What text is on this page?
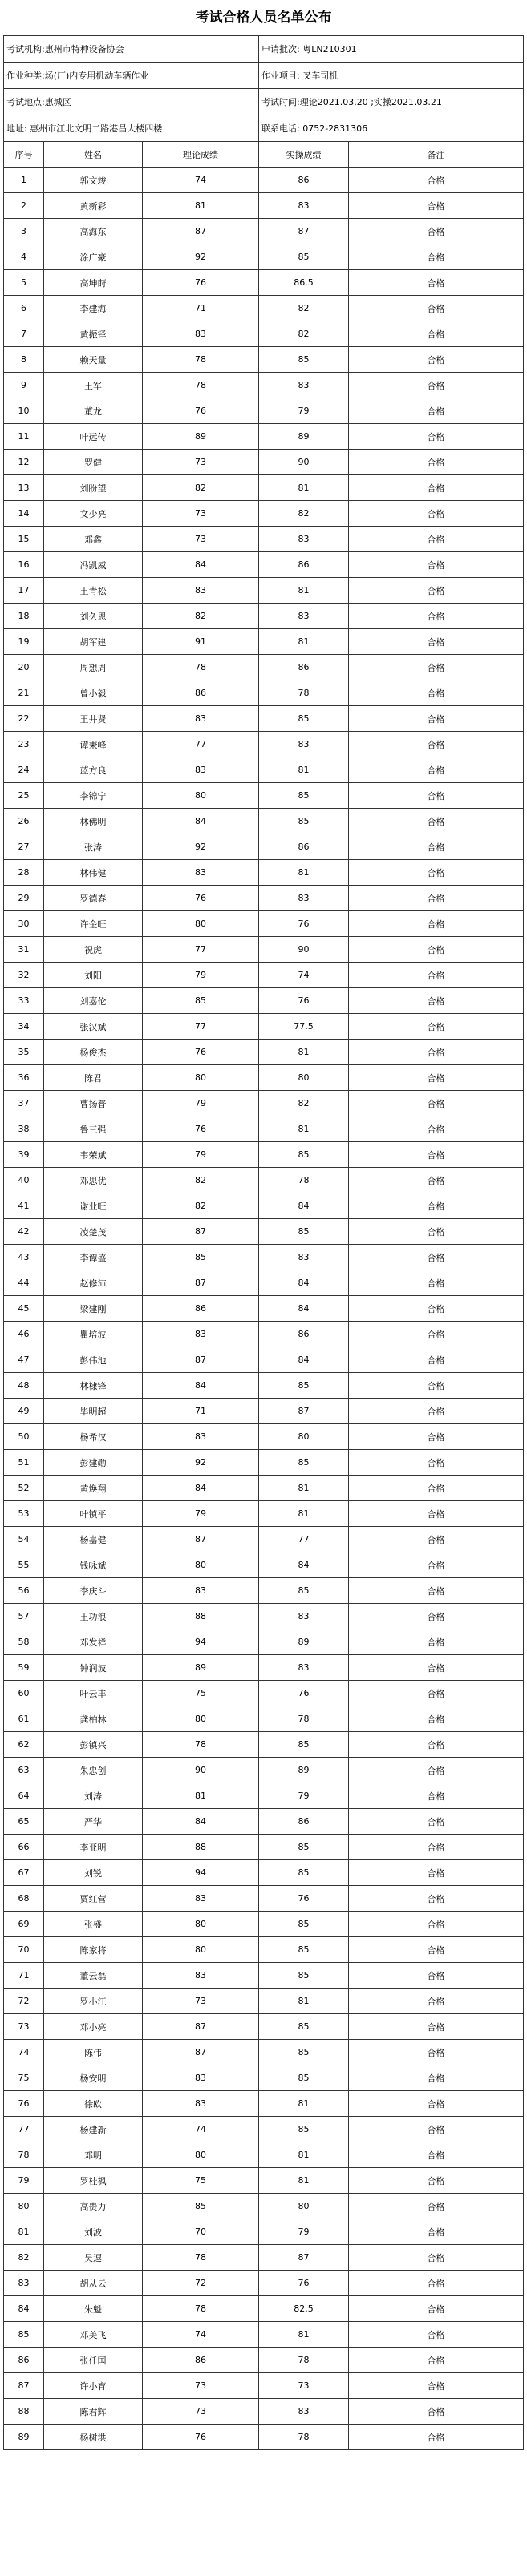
考试合格人员名单公布
考试机构:惠州市特种设备协会			申请批次: 粤LN210301	
作业种类:场(厂)内专用机动车辆作业			作业项目: 叉车司机	
考试地点:惠城区			考试时间:理论2021.03.20 ;实操2021.03.21	
地址: 惠州市江北文明二路港昌大楼四楼			联系电话: 0752-2831306	
序号	姓名	理论成绩	实操成绩	备注
1	郭文竣	74	86	合格
2	黄新彩	81	83	合格
3	高海东	87	87	合格
4	涂广豪	92	85	合格
5	高坤莳	76	86.5	合格
6	李建海	71	82	合格
7	黄振铎	83	82	合格
8	赖天量	78	85	合格
9	王军	78	83	合格
10	董龙	76	79	合格
11	叶远传	89	89	合格
12	罗健	73	90	合格
13	刘盼望	82	81	合格
14	文少亮	73	82	合格
15	邓鑫	73	83	合格
16	冯凯威	84	86	合格
17	王青松	83	81	合格
18	刘久恩	82	83	合格
19	胡军建	91	81	合格
20	周想周	78	86	合格
21	曾小毅	86	78	合格
22	王井贤	83	85	合格
23	谭秉峰	77	83	合格
24	蓝方良	83	81	合格
25	李锦宁	80	85	合格
26	林佛明	84	85	合格
27	张涛	92	86	合格
28	林伟健	83	81	合格
29	罗德春	76	83	合格
30	许金旺	80	76	合格
31	祝虎	77	90	合格
32	刘阳	79	74	合格
33	刘嘉伦	85	76	合格
34	张汉斌	77	77.5	合格
35	杨俊杰	76	81	合格
36	陈君	80	80	合格
37	曹扬普	79	82	合格
38	鲁三强	76	81	合格
39	韦荣斌	79	85	合格
40	邓思优	82	78	合格
41	谢业旺	82	84	合格
42	凌楚茂	87	85	合格
43	李谭盛	85	83	合格
44	赵修沛	87	84	合格
45	梁建刚	86	84	合格
46	瞿培波	83	86	合格
47	彭伟池	87	84	合格
48	林棣锋	84	85	合格
49	毕明超	71	87	合格
50	杨希汉	83	80	合格
51	彭建勋	92	85	合格
52	黄焕翔	84	81	合格
53	叶镇平	79	81	合格
54	杨嘉健	87	77	合格
55	钱咏斌	80	84	合格
56	李庆斗	83	85	合格
57	王功浪	88	83	合格
58	邓发祥	94	89	合格
59	钟润波	89	83	合格
60	叶云丰	75	76	合格
61	龚柏林	80	78	合格
62	彭镇兴	78	85	合格
63	朱忠创	90	89	合格
64	刘涛	81	79	合格
65	严华	84	86	合格
66	李亚明	88	85	合格
67	刘锐	94	85	合格
68	贾红营	83	76	合格
69	张盛	80	85	合格
70	陈家将	80	85	合格
71	董云磊	83	85	合格
72	罗小江	73	81	合格
73	邓小亮	87	85	合格
74	陈伟	87	85	合格
75	杨安明	83	85	合格
76	徐欧	83	81	合格
77	杨建新	74	85	合格
78	邓明	80	81	合格
79	罗桂枫	75	81	合格
80	高贵力	85	80	合格
81	刘波	70	79	合格
82	吴逗	78	87	合格
83	胡从云	72	76	合格
84	朱魁	78	82.5	合格
85	邓美飞	74	81	合格
86	张仟国	86	78	合格
87	许小育	73	73	合格
88	陈君辉	73	83	合格
89	杨树洪	76	78	合格
